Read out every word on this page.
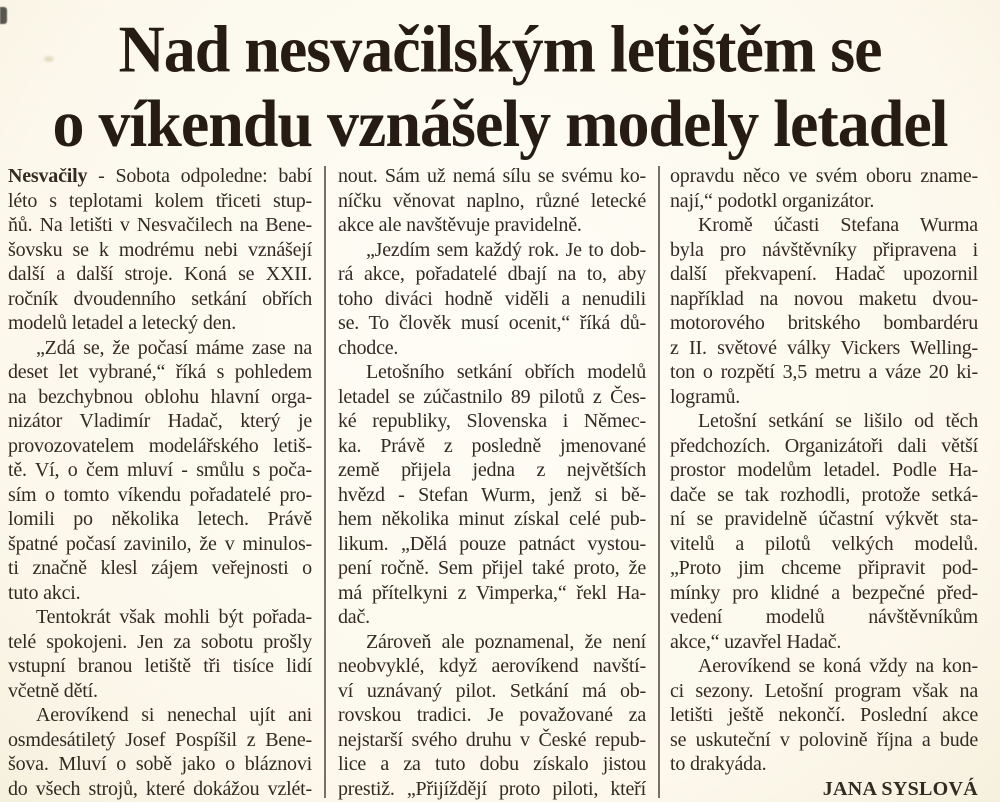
Nad nesvačilským letištěm se
o víkendu vznášely modely letadel
Nesvačily - Sobota odpoledne: babí
léto s teplotami kolem třiceti stup-
ňů. Na letišti v Nesvačilech na Bene-
šovsku se k modrému nebi vznášejí
další a další stroje. Koná se XXII.
ročník dvoudenního setkání obřích
modelů letadel a letecký den.
„Zdá se, že počasí máme zase na
deset let vybrané,“ říká s pohledem
na bezchybnou oblohu hlavní orga-
nizátor Vladimír Hadač, který je
provozovatelem modelářského letiš-
tě. Ví, o čem mluví - smůlu s poča-
sím o tomto víkendu pořadatelé pro-
lomili po několika letech. Právě
špatné počasí zavinilo, že v minulos-
ti značně klesl zájem veřejnosti o
tuto akci.
Tentokrát však mohli být pořada-
telé spokojeni. Jen za sobotu prošly
vstupní branou letiště tři tisíce lidí
včetně dětí.
Aerovíkend si nenechal ujít ani
osmdesátiletý Josef Pospíšil z Bene-
šova. Mluví o sobě jako o bláznovi
do všech strojů, které dokážou vzlét-
nout. Sám už nemá sílu se svému ko-
níčku věnovat naplno, různé letecké
akce ale navštěvuje pravidelně.
„Jezdím sem každý rok. Je to dob-
rá akce, pořadatelé dbají na to, aby
toho diváci hodně viděli a nenudili
se. To člověk musí ocenit,“ říká dů-
chodce.
Letošního setkání obřích modelů
letadel se zúčastnilo 89 pilotů z Čes-
ké republiky, Slovenska i Němec-
ka. Právě z posledně jmenované
země přijela jedna z největších
hvězd - Stefan Wurm, jenž si bě-
hem několika minut získal celé pub-
likum. „Dělá pouze patnáct vystou-
pení ročně. Sem přijel také proto, že
má přítelkyni z Vimperka,“ řekl Ha-
dač.
Zároveň ale poznamenal, že není
neobvyklé, když aerovíkend navští-
ví uznávaný pilot. Setkání má ob-
rovskou tradici. Je považované za
nejstarší svého druhu v České repub-
lice a za tuto dobu získalo jistou
prestiž. „Přijíždějí proto piloti, kteří
opravdu něco ve svém oboru zname-
nají,“ podotkl organizátor.
Kromě účasti Stefana Wurma
byla pro návštěvníky připravena i
další překvapení. Hadač upozornil
například na novou maketu dvou-
motorového britského bombardéru
z II. světové války Vickers Welling-
ton o rozpětí 3,5 metru a váze 20 ki-
logramů.
Letošní setkání se lišilo od těch
předchozích. Organizátoři dali větší
prostor modelům letadel. Podle Ha-
dače se tak rozhodli, protože setká-
ní se pravidelně účastní výkvět sta-
vitelů a pilotů velkých modelů.
„Proto jim chceme připravit pod-
mínky pro klidné a bezpečné před-
vedení modelů návštěvníkům
akce,“ uzavřel Hadač.
Aerovíkend se koná vždy na kon-
ci sezony. Letošní program však na
letišti ještě nekončí. Poslední akce
se uskuteční v polovině října a bude
to drakyáda.
JANA SYSLOVÁ
